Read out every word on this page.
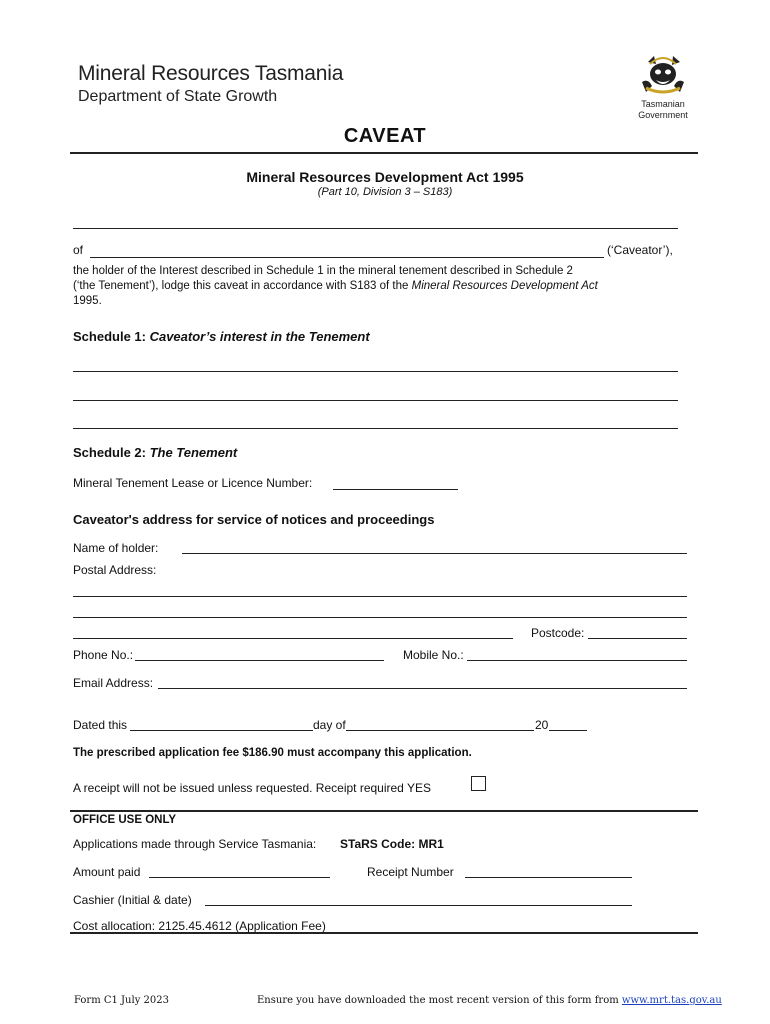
Mineral Resources Tasmania
Department of State Growth	Tasmanian
Government
CAVEAT
Mineral Resources Development Act 1995
(Part 10, Division 3 – S183)
of	(‘Caveator’),
the holder of the Interest described in Schedule 1 in the mineral tenement described in Schedule 2
(‘the Tenement’), lodge this caveat in accordance with S183 of the Mineral Resources Development Act
1995.
Schedule 1: Caveator’s interest in the Tenement
Schedule 2: The Tenement
Mineral Tenement Lease or Licence Number:
Caveator's address for service of notices and proceedings
Name of holder:
Postal Address:
Postcode:
Phone No.:	Mobile No.:
Email Address:
Dated this	day of	20
The prescribed application fee $186.90 must accompany this application.
A receipt will not be issued unless requested. Receipt required YES
OFFICE USE ONLY
Applications made through Service Tasmania: STaRS Code: MR1
Amount paid	Receipt Number
Cashier (Initial & date)
Cost allocation: 2125.45.4612 (Application Fee)
Form C1 July 2023	Ensure you have downloaded the most recent version of this form from www.mrt.tas.gov.au
